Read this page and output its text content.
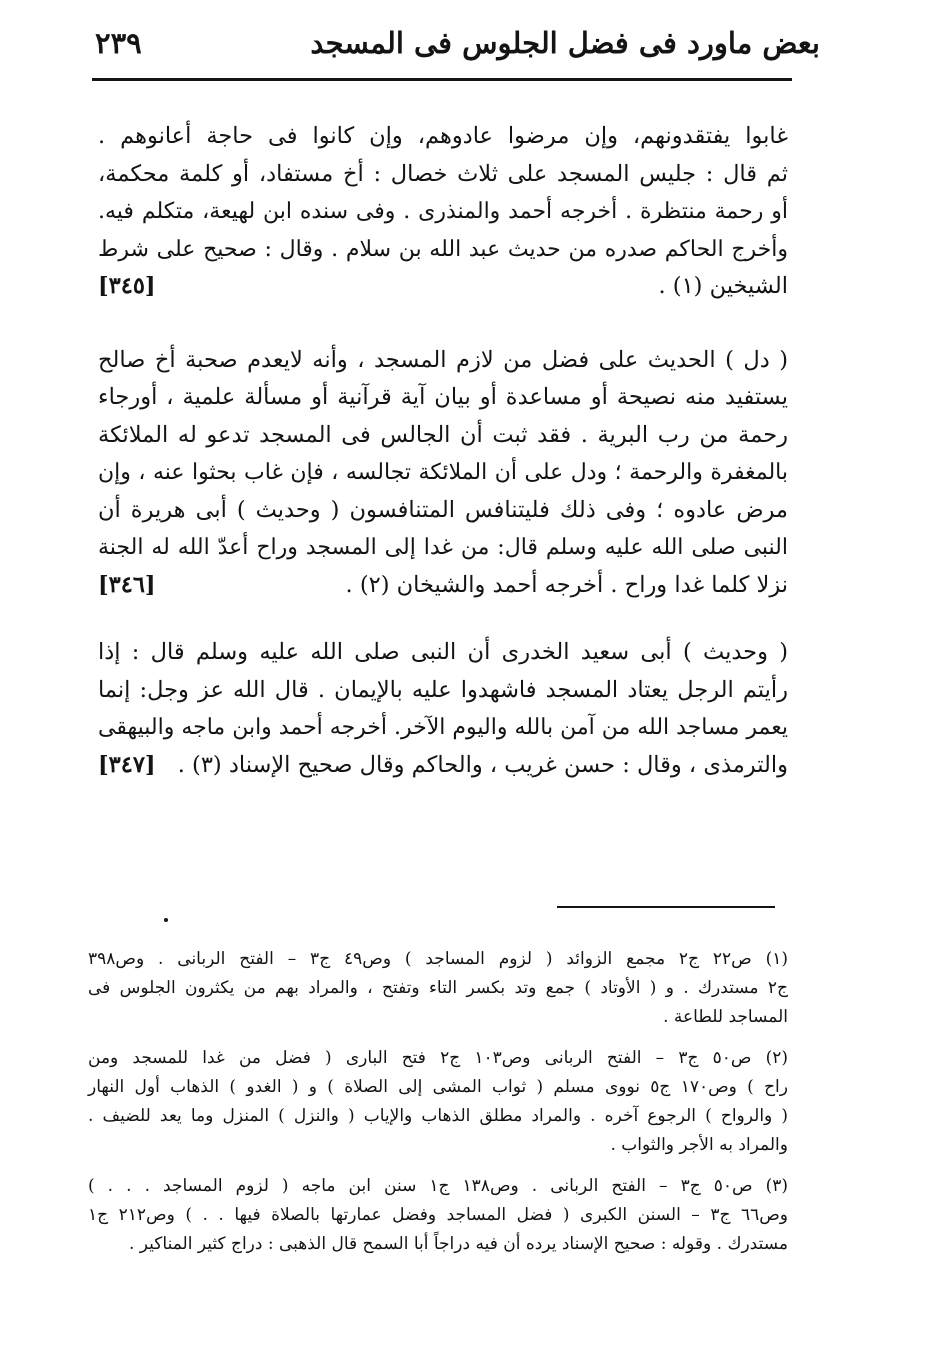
بعض ماورد فى فضل الجلوس فى المسجد
٢٣٩
غابوا يفتقدونهم، وإن مرضوا عادوهم، وإن كانوا فى حاجة أعانوهم .
ثم قال : جليس المسجد على ثلاث خصال : أخ مستفاد، أو كلمة محكمة،
أو رحمة منتظرة . أخرجه أحمد والمنذرى . وفى سنده ابن لهيعة، متكلم فيه.
وأخرج الحاكم صدره من حديث عبد الله بن سلام . وقال : صحيح على شرط
الشيخين (١) .
[٣٤٥]
( دل ) الحديث على فضل من لازم المسجد ، وأنه لايعدم صحبة أخ صالح
يستفيد منه نصيحة أو مساعدة أو بيان آية قرآنية أو مسألة علمية ، أورجاء
رحمة من رب البرية . فقد ثبت أن الجالس فى المسجد تدعو له الملائكة
بالمغفرة والرحمة ؛ ودل على أن الملائكة تجالسه ، فإن غاب بحثوا عنه ، وإن
مرض عادوه ؛ وفى ذلك فليتنافس المتنافسون ( وحديث ) أبى هريرة أن
النبى صلى الله عليه وسلم قال: من غدا إلى المسجد وراح أعدّ الله له الجنة
نزلا كلما غدا وراح . أخرجه أحمد والشيخان (٢) .
[٣٤٦]
( وحديث ) أبى سعيد الخدرى أن النبى صلى الله عليه وسلم قال : إذا
رأيتم الرجل يعتاد المسجد فاشهدوا عليه بالإيمان . قال الله عز وجل: إنما
يعمر مساجد الله من آمن بالله واليوم الآخر. أخرجه أحمد وابن ماجه والبيهقى
والترمذى ، وقال : حسن غريب ، والحاكم وقال صحيح الإسناد (٣) .
[٣٤٧]
(١) ص٢٢ ج٢ مجمع الزوائد ( لزوم المساجد ) وص٤٩ ج٣ – الفتح الربانى . وص٣٩٨
ج٢ مستدرك . و ( الأوتاد ) جمع وتد بكسر التاء وتفتح ، والمراد بهم من يكثرون الجلوس فى
المساجد للطاعة .
(٢) ص٥٠ ج٣ – الفتح الربانى وص١٠٣ ج٢ فتح البارى ( فضل من غدا للمسجد ومن
راح ) وص١٧٠ ج٥ نووى مسلم ( ثواب المشى إلى الصلاة ) و ( الغدو ) الذهاب أول النهار
( والرواح ) الرجوع آخره . والمراد مطلق الذهاب والإياب ( والنزل ) المنزل وما يعد للضيف .
والمراد به الأجر والثواب .
(٣) ص٥٠ ج٣ – الفتح الربانى . وص١٣٨ ج١ سنن ابن ماجه ( لزوم المساجد . . . )
وص٦٦ ج٣ – السنن الكبرى ( فضل المساجد وفضل عمارتها بالصلاة فيها . . ) وص٢١٢ ج١
مستدرك . وقوله : صحيح الإسناد يرده أن فيه دراجاً أبا السمح قال الذهبى : دراج كثير المناكير .
